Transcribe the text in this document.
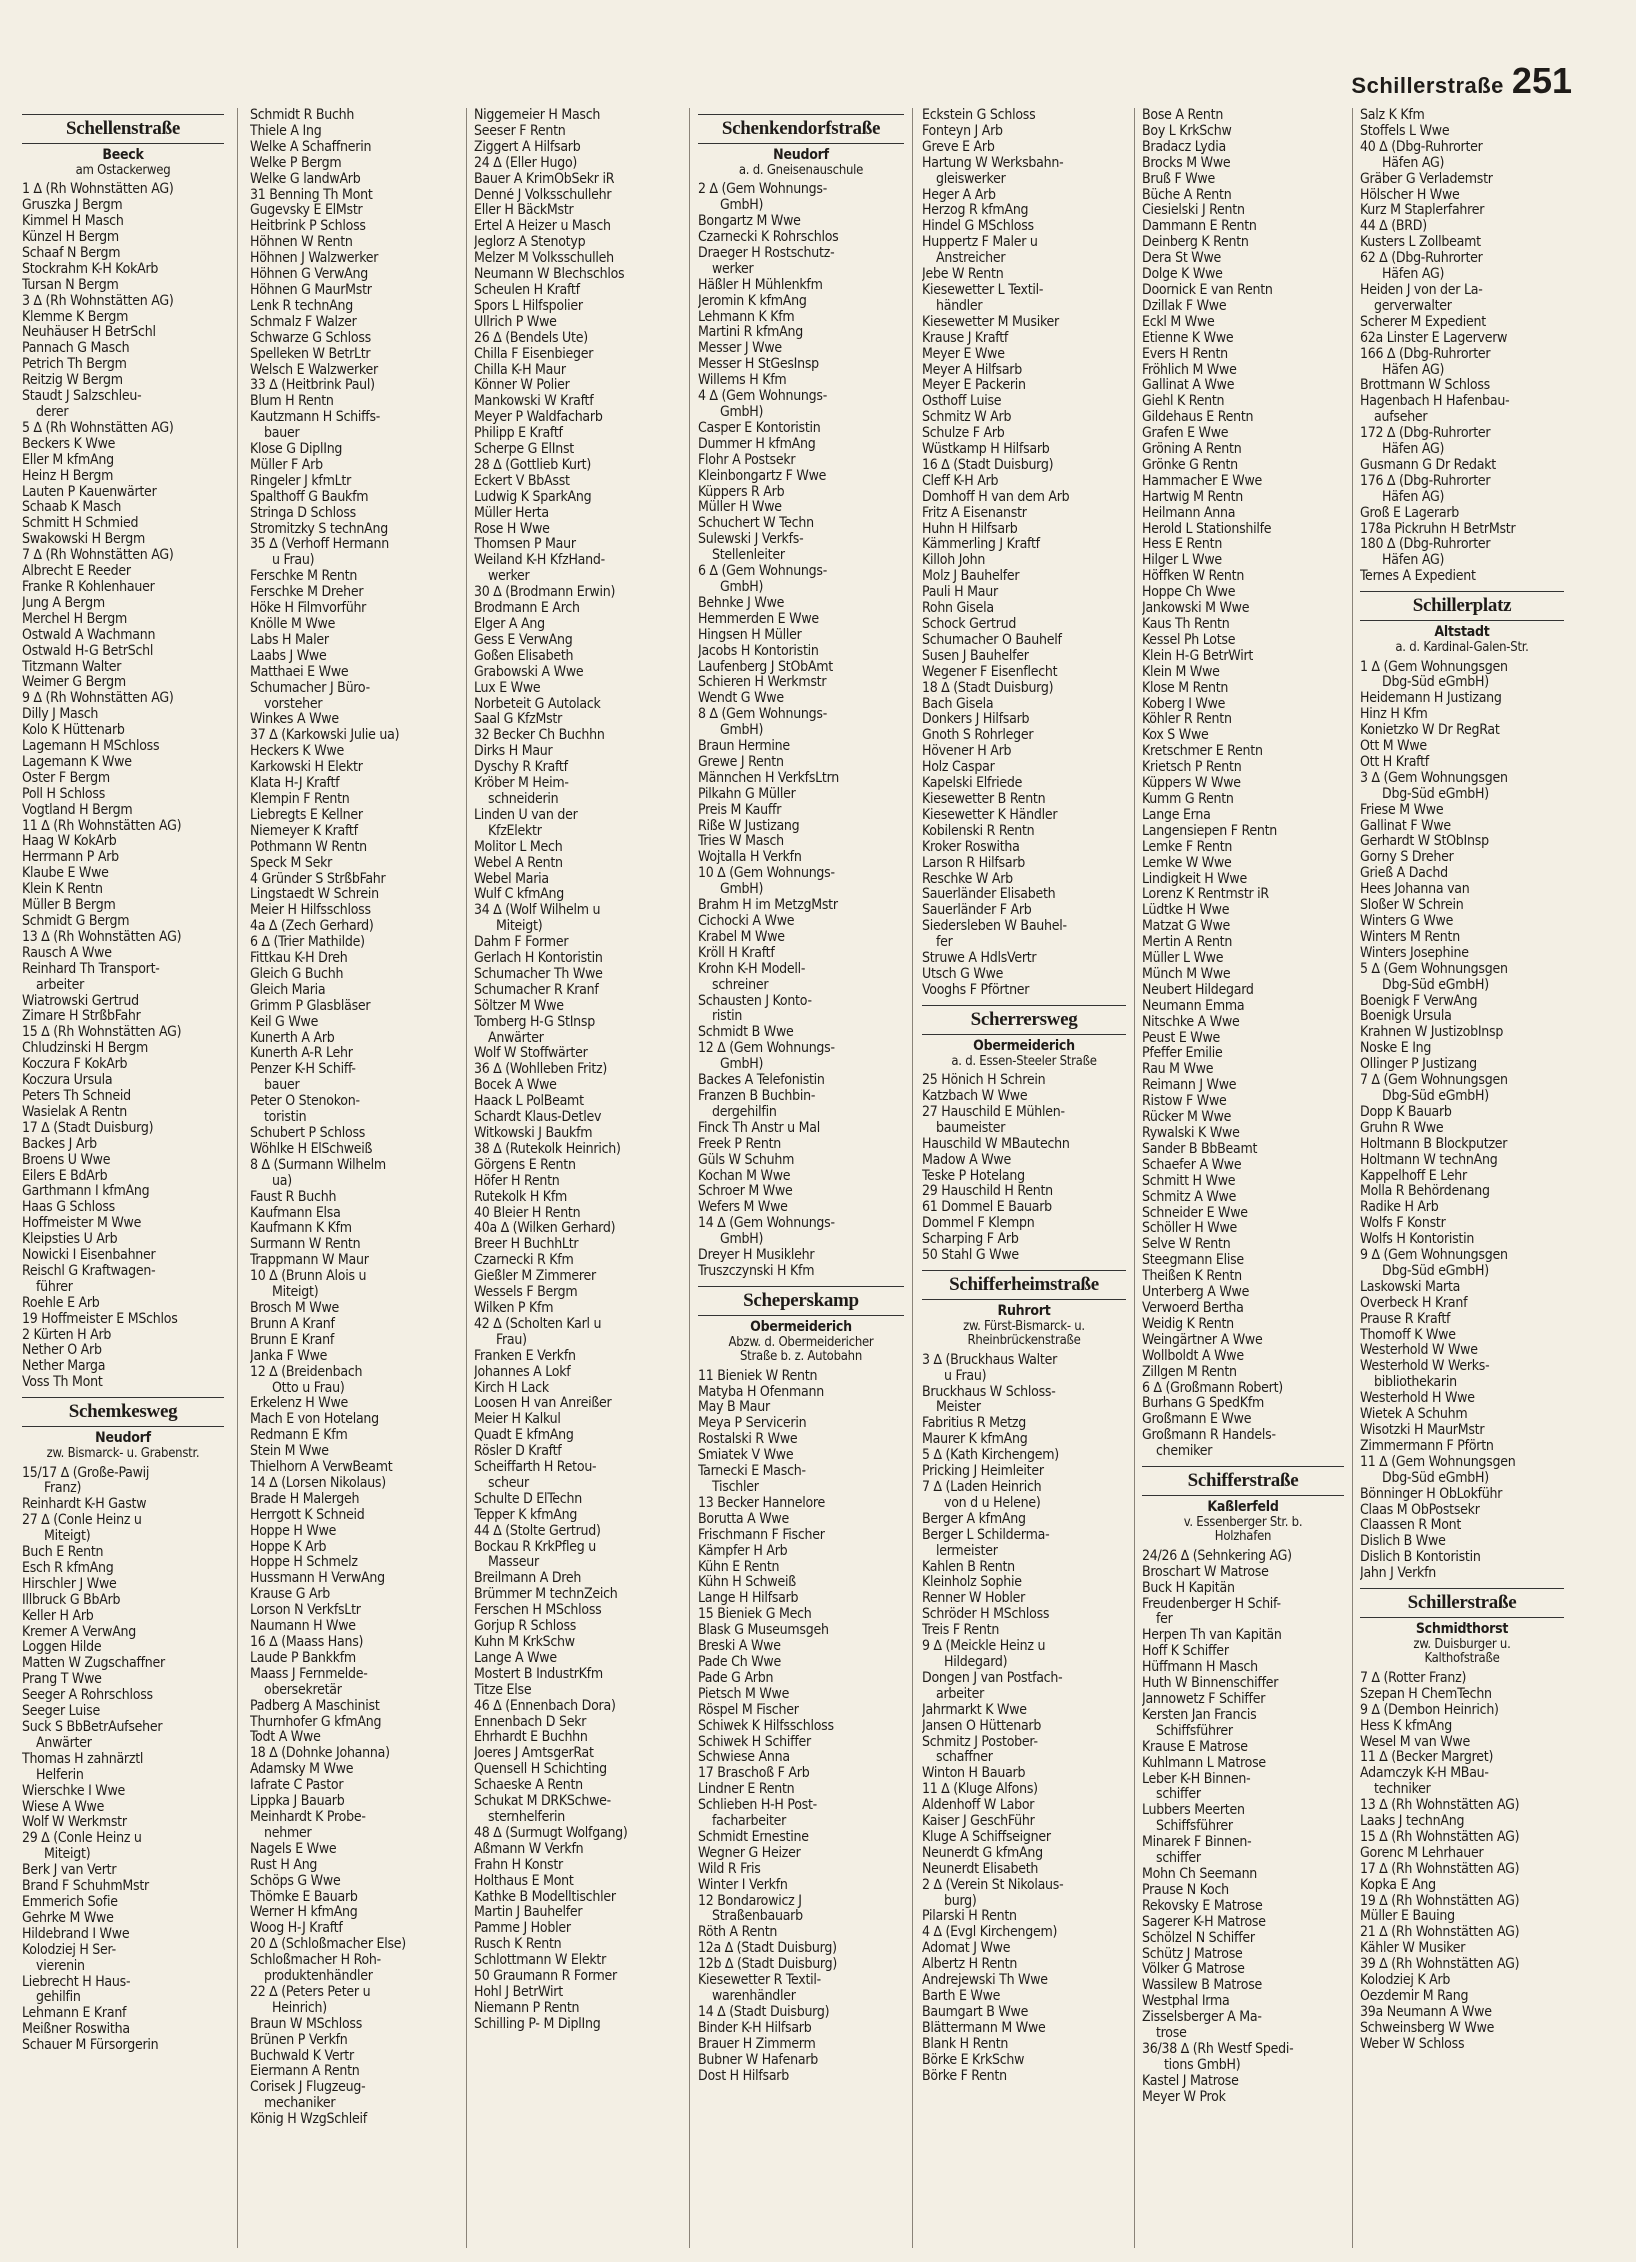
Schillerstraße 251
Schellenstraße
Beeck
am Ostackerweg
1 ∆ (Rh Wohnstätten AG)
Gruszka J Bergm
Kimmel H Masch
Künzel H Bergm
Schaaf N Bergm
Stockrahm K-H KokArb
Tursan N Bergm
3 ∆ (Rh Wohnstätten AG)
Klemme K Bergm
Neuhäuser H BetrSchl
Pannach G Masch
Petrich Th Bergm
Reitzig W Bergm
Staudt J Salzschleu-
derer
5 ∆ (Rh Wohnstätten AG)
Beckers K Wwe
Eller M kfmAng
Heinz H Bergm
Lauten P Kauenwärter
Schaab K Masch
Schmitt H Schmied
Swakowski H Bergm
7 ∆ (Rh Wohnstätten AG)
Albrecht E Reeder
Franke R Kohlenhauer
Jung A Bergm
Merchel H Bergm
Ostwald A Wachmann
Ostwald H-G BetrSchl
Titzmann Walter
Weimer G Bergm
9 ∆ (Rh Wohnstätten AG)
Dilly J Masch
Kolo K Hüttenarb
Lagemann H MSchloss
Lagemann K Wwe
Oster F Bergm
Poll H Schloss
Vogtland H Bergm
11 ∆ (Rh Wohnstätten AG)
Haag W KokArb
Herrmann P Arb
Klaube E Wwe
Klein K Rentn
Müller B Bergm
Schmidt G Bergm
13 ∆ (Rh Wohnstätten AG)
Rausch A Wwe
Reinhard Th Transport-
arbeiter
Wiatrowski Gertrud
Zimare H StrßbFahr
15 ∆ (Rh Wohnstätten AG)
Chludzinski H Bergm
Koczura F KokArb
Koczura Ursula
Peters Th Schneid
Wasielak A Rentn
17 ∆ (Stadt Duisburg)
Backes J Arb
Broens U Wwe
Eilers E BdArb
Garthmann I kfmAng
Haas G Schloss
Hoffmeister M Wwe
Kleipsties U Arb
Nowicki I Eisenbahner
Reischl G Kraftwagen-
führer
Roehle E Arb
19 Hoffmeister E MSchlos
2 Kürten H Arb
Nether O Arb
Nether Marga
Voss Th Mont
Schemkesweg
Neudorf
zw. Bismarck- u. Grabenstr.
15/17 ∆ (Große-Pawij
Franz)
Reinhardt K-H Gastw
27 ∆ (Conle Heinz u
Miteigt)
Buch E Rentn
Esch R kfmAng
Hirschler J Wwe
Illbruck G BbArb
Keller H Arb
Kremer A VerwAng
Loggen Hilde
Matten W Zugschaffner
Prang T Wwe
Seeger A Rohrschloss
Seeger Luise
Suck S BbBetrAufseher
Anwärter
Thomas H zahnärztl
Helferin
Wierschke I Wwe
Wiese A Wwe
Wolf W Werkmstr
29 ∆ (Conle Heinz u
Miteigt)
Berk J van Vertr
Brand F SchuhmMstr
Emmerich Sofie
Gehrke M Wwe
Hildebrand I Wwe
Kolodziej H Ser-
vierenin
Liebrecht H Haus-
gehilfin
Lehmann E Kranf
Meißner Roswitha
Schauer M Fürsorgerin
Schmidt R Buchh
Thiele A Ing
Welke A Schaffnerin
Welke P Bergm
Welke G landwArb
31 Benning Th Mont
Gugevsky E ElMstr
Heitbrink P Schloss
Höhnen W Rentn
Höhnen J Walzwerker
Höhnen G VerwAng
Höhnen G MaurMstr
Lenk R technAng
Schmalz F Walzer
Schwarze G Schloss
Spelleken W BetrLtr
Welsch E Walzwerker
33 ∆ (Heitbrink Paul)
Blum H Rentn
Kautzmann H Schiffs-
bauer
Klose G DiplIng
Müller F Arb
Ringeler J kfmLtr
Spalthoff G Baukfm
Stringa D Schloss
Stromitzky S technAng
35 ∆ (Verhoff Hermann
u Frau)
Ferschke M Rentn
Ferschke M Dreher
Höke H Filmvorführ
Knölle M Wwe
Labs H Maler
Laabs J Wwe
Matthaei E Wwe
Schumacher J Büro-
vorsteher
Winkes A Wwe
37 ∆ (Karkowski Julie ua)
Heckers K Wwe
Karkowski H Elektr
Klata H-J Kraftf
Klempin F Rentn
Liebregts E Kellner
Niemeyer K Kraftf
Pothmann W Rentn
Speck M Sekr
4 Gründer S StrßbFahr
Lingstaedt W Schrein
Meier H Hilfsschloss
4a ∆ (Zech Gerhard)
6 ∆ (Trier Mathilde)
Fittkau K-H Dreh
Gleich G Buchh
Gleich Maria
Grimm P Glasbläser
Keil G Wwe
Kunerth A Arb
Kunerth A-R Lehr
Penzer K-H Schiff-
bauer
Peter O Stenokon-
toristin
Schubert P Schloss
Wöhlke H ElSchweiß
8 ∆ (Surmann Wilhelm
ua)
Faust R Buchh
Kaufmann Elsa
Kaufmann K Kfm
Surmann W Rentn
Trappmann W Maur
10 ∆ (Brunn Alois u
Miteigt)
Brosch M Wwe
Brunn A Kranf
Brunn E Kranf
Janka F Wwe
12 ∆ (Breidenbach
Otto u Frau)
Erkelenz H Wwe
Mach E von Hotelang
Redmann E Kfm
Stein M Wwe
Thielhorn A VerwBeamt
14 ∆ (Lorsen Nikolaus)
Brade H Malergeh
Herrgott K Schneid
Hoppe H Wwe
Hoppe K Arb
Hoppe H Schmelz
Hussmann H VerwAng
Krause G Arb
Lorson N VerkfsLtr
Naumann H Wwe
16 ∆ (Maass Hans)
Laude P Bankkfm
Maass J Fernmelde-
obersekretär
Padberg A Maschinist
Thurnhofer G kfmAng
Todt A Wwe
18 ∆ (Dohnke Johanna)
Adamsky M Wwe
Iafrate C Pastor
Lippka J Bauarb
Meinhardt K Probe-
nehmer
Nagels E Wwe
Rust H Ang
Schöps G Wwe
Thömke E Bauarb
Werner H kfmAng
Woog H-J Kraftf
20 ∆ (Schloßmacher Else)
Schloßmacher H Roh-
produktenhändler
22 ∆ (Peters Peter u
Heinrich)
Braun W MSchloss
Brünen P Verkfn
Buchwald K Vertr
Eiermann A Rentn
Corisek J Flugzeug-
mechaniker
König H WzgSchleif
Niggemeier H Masch
Seeser F Rentn
Ziggert A Hilfsarb
24 ∆ (Eller Hugo)
Bauer A KrimObSekr iR
Denné J Volksschullehr
Eller H BäckMstr
Ertel A Heizer u Masch
Jeglorz A Stenotyp
Melzer M Volksschulleh
Neumann W Blechschlos
Scheulen H Kraftf
Spors L Hilfspolier
Ullrich P Wwe
26 ∆ (Bendels Ute)
Chilla F Eisenbieger
Chilla K-H Maur
Könner W Polier
Mankowski W Kraftf
Meyer P Waldfacharb
Philipp E Kraftf
Scherpe G ElInst
28 ∆ (Gottlieb Kurt)
Eckert V BbAsst
Ludwig K SparkAng
Müller Herta
Rose H Wwe
Thomsen P Maur
Weiland K-H KfzHand-
werker
30 ∆ (Brodmann Erwin)
Brodmann E Arch
Elger A Ang
Gess E VerwAng
Goßen Elisabeth
Grabowski A Wwe
Lux E Wwe
Norbeteit G Autolack
Saal G KfzMstr
32 Becker Ch Buchhn
Dirks H Maur
Dyschy R Kraftf
Kröber M Heim-
schneiderin
Linden U van der
KfzElektr
Molitor L Mech
Webel A Rentn
Webel Maria
Wulf C kfmAng
34 ∆ (Wolf Wilhelm u
Miteigt)
Dahm F Former
Gerlach H Kontoristin
Schumacher Th Wwe
Schumacher R Kranf
Söltzer M Wwe
Tomberg H-G StInsp
Anwärter
Wolf W Stoffwärter
36 ∆ (Wohlleben Fritz)
Bocek A Wwe
Haack L PolBeamt
Schardt Klaus-Detlev
Witkowski J Baukfm
38 ∆ (Rutekolk Heinrich)
Görgens E Rentn
Höfer H Rentn
Rutekolk H Kfm
40 Bleier H Rentn
40a ∆ (Wilken Gerhard)
Breer H BuchhLtr
Czarnecki R Kfm
Gießler M Zimmerer
Wessels F Bergm
Wilken P Kfm
42 ∆ (Scholten Karl u
Frau)
Franken E Verkfn
Johannes A Lokf
Kirch H Lack
Loosen H van Anreißer
Meier H Kalkul
Quadt E kfmAng
Rösler D Kraftf
Scheiffarth H Retou-
scheur
Schulte D ElTechn
Tepper K kfmAng
44 ∆ (Stolte Gertrud)
Bockau R KrkPfleg u
Masseur
Breilmann A Dreh
Brümmer M technZeich
Ferschen H MSchloss
Gorjup R Schloss
Kuhn M KrkSchw
Lange A Wwe
Mostert B IndustrKfm
Titze Else
46 ∆ (Ennenbach Dora)
Ennenbach D Sekr
Ehrhardt E Buchhn
Joeres J AmtsgerRat
Quensell H Schichting
Schaeske A Rentn
Schukat M DRKSchwe-
sternhelferin
48 ∆ (Surmugt Wolfgang)
Aßmann W Verkfn
Frahn H Konstr
Holthaus E Mont
Kathke B Modelltischler
Martin J Bauhelfer
Pamme J Hobler
Rusch K Rentn
Schlottmann W Elektr
50 Graumann R Former
Hohl J BetrWirt
Niemann P Rentn
Schilling P- M DiplIng
Schenkendorfstraße
Neudorf
a. d. Gneisenauschule
2 ∆ (Gem Wohnungs-
GmbH)
Bongartz M Wwe
Czarnecki K Rohrschlos
Draeger H Rostschutz-
werker
Häßler H Mühlenkfm
Jeromin K kfmAng
Lehmann K Kfm
Martini R kfmAng
Messer J Wwe
Messer H StGesInsp
Willems H Kfm
4 ∆ (Gem Wohnungs-
GmbH)
Casper E Kontoristin
Dummer H kfmAng
Flohr A Postsekr
Kleinbongartz F Wwe
Küppers R Arb
Müller H Wwe
Schuchert W Techn
Sulewski J Verkfs-
Stellenleiter
6 ∆ (Gem Wohnungs-
GmbH)
Behnke J Wwe
Hemmerden E Wwe
Hingsen H Müller
Jacobs H Kontoristin
Laufenberg J StObAmt
Schieren H Werkmstr
Wendt G Wwe
8 ∆ (Gem Wohnungs-
GmbH)
Braun Hermine
Grewe J Rentn
Männchen H VerkfsLtrn
Pilkahn G Müller
Preis M Kauffr
Riße W Justizang
Tries W Masch
Wojtalla H Verkfn
10 ∆ (Gem Wohnungs-
GmbH)
Brahm H im MetzgMstr
Cichocki A Wwe
Krabel M Wwe
Kröll H Kraftf
Krohn K-H Modell-
schreiner
Schausten J Konto-
ristin
Schmidt B Wwe
12 ∆ (Gem Wohnungs-
GmbH)
Backes A Telefonistin
Franzen B Buchbin-
dergehilfin
Finck Th Anstr u Mal
Freek P Rentn
Güls W Schuhm
Kochan M Wwe
Schroer M Wwe
Wefers M Wwe
14 ∆ (Gem Wohnungs-
GmbH)
Dreyer H Musiklehr
Truszczynski H Kfm
Scheperskamp
Obermeiderich
Abzw. d. Obermeidericher
Straße b. z. Autobahn
11 Bieniek W Rentn
Matyba H Ofenmann
May B Maur
Meya P Servicerin
Rostalski R Wwe
Smiatek V Wwe
Tarnecki E Masch-
Tischler
13 Becker Hannelore
Borutta A Wwe
Frischmann F Fischer
Kämpfer H Arb
Kühn E Rentn
Kühn H Schweiß
Lange H Hilfsarb
15 Bieniek G Mech
Blask G Museumsgeh
Breski A Wwe
Pade Ch Wwe
Pade G Arbn
Pietsch M Wwe
Röspel M Fischer
Schiwek K Hilfsschloss
Schiwek H Schiffer
Schwiese Anna
17 Braschoß F Arb
Lindner E Rentn
Schlieben H-H Post-
facharbeiter
Schmidt Ernestine
Wegner G Heizer
Wild R Fris
Winter I Verkfn
12 Bondarowicz J
Straßenbauarb
Röth A Rentn
12a ∆ (Stadt Duisburg)
12b ∆ (Stadt Duisburg)
Kiesewetter R Textil-
warenhändler
14 ∆ (Stadt Duisburg)
Binder K-H Hilfsarb
Brauer H Zimmerm
Bubner W Hafenarb
Dost H Hilfsarb
Eckstein G Schloss
Fonteyn J Arb
Greve E Arb
Hartung W Werksbahn-
gleiswerker
Heger A Arb
Herzog R kfmAng
Hindel G MSchloss
Huppertz F Maler u
Anstreicher
Jebe W Rentn
Kiesewetter L Textil-
händler
Kiesewetter M Musiker
Krause J Kraftf
Meyer E Wwe
Meyer A Hilfsarb
Meyer E Packerin
Osthoff Luise
Schmitz W Arb
Schulze F Arb
Wüstkamp H Hilfsarb
16 ∆ (Stadt Duisburg)
Cleff K-H Arb
Domhoff H van dem Arb
Fritz A Eisenanstr
Huhn H Hilfsarb
Kämmerling J Kraftf
Killoh John
Molz J Bauhelfer
Pauli H Maur
Rohn Gisela
Schock Gertrud
Schumacher O Bauhelf
Susen J Bauhelfer
Wegener F Eisenflecht
18 ∆ (Stadt Duisburg)
Bach Gisela
Donkers J Hilfsarb
Gnoth S Rohrleger
Hövener H Arb
Holz Caspar
Kapelski Elfriede
Kiesewetter B Rentn
Kiesewetter K Händler
Kobilenski R Rentn
Kroker Roswitha
Larson R Hilfsarb
Reschke W Arb
Sauerländer Elisabeth
Sauerländer F Arb
Siedersleben W Bauhel-
fer
Struwe A HdlsVertr
Utsch G Wwe
Vooghs F Pförtner
Scherrersweg
Obermeiderich
a. d. Essen-Steeler Straße
25 Hönich H Schrein
Katzbach W Wwe
27 Hauschild E Mühlen-
baumeister
Hauschild W MBautechn
Madow A Wwe
Teske P Hotelang
29 Hauschild H Rentn
61 Dommel E Bauarb
Dommel F Klempn
Scharping F Arb
50 Stahl G Wwe
Schifferheimstraße
Ruhrort
zw. Fürst-Bismarck- u.
Rheinbrückenstraße
3 ∆ (Bruckhaus Walter
u Frau)
Bruckhaus W Schloss-
Meister
Fabritius R Metzg
Maurer K kfmAng
5 ∆ (Kath Kirchengem)
Pricking J Heimleiter
7 ∆ (Laden Heinrich
von d u Helene)
Berger A kfmAng
Berger L Schildermа-
lermeister
Kahlen B Rentn
Kleinholz Sophie
Renner W Hobler
Schröder H MSchloss
Treis F Rentn
9 ∆ (Meickle Heinz u
Hildegard)
Dongen J van Postfach-
arbeiter
Jahrmarkt K Wwe
Jansen O Hüttenarb
Schmitz J Postober-
schaffner
Winton H Bauarb
11 ∆ (Kluge Alfons)
Aldenhoff W Labor
Kaiser J GeschFühr
Kluge A Schiffseigner
Neunerdt G kfmAng
Neunerdt Elisabeth
2 ∆ (Verein St Nikolaus-
burg)
Pilarski H Rentn
4 ∆ (Evgl Kirchengem)
Adomat J Wwe
Albertz H Rentn
Andrejewski Th Wwe
Barth E Wwe
Baumgart B Wwe
Blättermann M Wwe
Blank H Rentn
Börke E KrkSchw
Börke F Rentn
Bose A Rentn
Boy L KrkSchw
Bradacz Lydia
Brocks M Wwe
Bruß F Wwe
Büche A Rentn
Ciesielski J Rentn
Dammann E Rentn
Deinberg K Rentn
Dera St Wwe
Dolge K Wwe
Doornick E van Rentn
Dzillak F Wwe
Eckl M Wwe
Etienne K Wwe
Evers H Rentn
Fröhlich M Wwe
Gallinat A Wwe
Giehl K Rentn
Gildehaus E Rentn
Grafen E Wwe
Gröning A Rentn
Grönke G Rentn
Hammacher E Wwe
Hartwig M Rentn
Heilmann Anna
Herold L Stationshilfe
Hess E Rentn
Hilger L Wwe
Höffken W Rentn
Hoppe Ch Wwe
Jankowski M Wwe
Kaus Th Rentn
Kessel Ph Lotse
Klein H-G BetrWirt
Klein M Wwe
Klose M Rentn
Koberg I Wwe
Köhler R Rentn
Kox S Wwe
Kretschmer E Rentn
Krietsch P Rentn
Küppers W Wwe
Kumm G Rentn
Lange Erna
Langensiepen F Rentn
Lemke F Rentn
Lemke W Wwe
Lindigkeit H Wwe
Lorenz K Rentmstr iR
Lüdtke H Wwe
Matzat G Wwe
Mertin A Rentn
Müller L Wwe
Münch M Wwe
Neubert Hildegard
Neumann Emma
Nitschke A Wwe
Peust E Wwe
Pfeffer Emilie
Rau M Wwe
Reimann J Wwe
Ristow F Wwe
Rücker M Wwe
Rywalski K Wwe
Sander B BbBeamt
Schaefer A Wwe
Schmitt H Wwe
Schmitz A Wwe
Schneider E Wwe
Schöller H Wwe
Selve W Rentn
Steegmann Elise
Theißen K Rentn
Unterberg A Wwe
Verwoerd Bertha
Weidig K Rentn
Weingärtner A Wwe
Wollboldt A Wwe
Zillgen M Rentn
6 ∆ (Großmann Robert)
Burhans G SpedKfm
Großmann E Wwe
Großmann R Handels-
chemiker
Schifferstraße
Kaßlerfeld
v. Essenberger Str. b.
Holzhafen
24/26 ∆ (Sehnkering AG)
Broschart W Matrose
Buck H Kapitän
Freudenberger H Schif-
fer
Herpen Th van Kapitän
Hoff K Schiffer
Hüffmann H Masch
Huth W Binnenschiffer
Jannowetz F Schiffer
Kersten Jan Francis
Schiffsführer
Krause E Matrose
Kuhlmann L Matrose
Leber K-H Binnen-
schiffer
Lubbers Meerten
Schiffsführer
Minarek F Binnen-
schiffer
Mohn Ch Seemann
Prause N Koch
Rekovsky E Matrose
Sagerer K-H Matrose
Schölzel N Schiffer
Schütz J Matrose
Völker G Matrose
Wassilew B Matrose
Westphal Irma
Zisselsberger A Ma-
trose
36/38 ∆ (Rh Westf Spedi-
tions GmbH)
Kastel J Matrose
Meyer W Prok
Salz K Kfm
Stoffels L Wwe
40 ∆ (Dbg-Ruhrorter
Häfen AG)
Gräber G Verlademstr
Hölscher H Wwe
Kurz M Staplerfahrer
44 ∆ (BRD)
Kusters L Zollbeamt
62 ∆ (Dbg-Ruhrorter
Häfen AG)
Heiden J von der La-
gerverwalter
Scherer M Expedient
62a Linster E Lagerverw
166 ∆ (Dbg-Ruhrorter
Häfen AG)
Brottmann W Schloss
Hagenbach H Hafenbau-
aufseher
172 ∆ (Dbg-Ruhrorter
Häfen AG)
Gusmann G Dr Redakt
176 ∆ (Dbg-Ruhrorter
Häfen AG)
Groß E Lagerarb
178a Pickruhn H BetrMstr
180 ∆ (Dbg-Ruhrorter
Häfen AG)
Ternes A Expedient
Schillerplatz
Altstadt
a. d. Kardinal-Galen-Str.
1 ∆ (Gem Wohnungsgen
Dbg-Süd eGmbH)
Heidemann H Justizang
Hinz H Kfm
Konietzko W Dr RegRat
Ott M Wwe
Ott H Kraftf
3 ∆ (Gem Wohnungsgen
Dbg-Süd eGmbH)
Friese M Wwe
Gallinat F Wwe
Gerhardt W StObInsp
Gorny S Dreher
Grieß A Dachd
Hees Johanna van
Sloßer W Schrein
Winters G Wwe
Winters M Rentn
Winters Josephine
5 ∆ (Gem Wohnungsgen
Dbg-Süd eGmbH)
Boenigk F VerwAng
Boenigk Ursula
Krahnen W JustizobInsp
Noske E Ing
Ollinger P Justizang
7 ∆ (Gem Wohnungsgen
Dbg-Süd eGmbH)
Dopp K Bauarb
Gruhn R Wwe
Holtmann B Blockputzer
Holtmann W technAng
Kappelhoff E Lehr
Molla R Behördenang
Radike H Arb
Wolfs F Konstr
Wolfs H Kontoristin
9 ∆ (Gem Wohnungsgen
Dbg-Süd eGmbH)
Laskowski Marta
Overbeck H Kranf
Prause R Kraftf
Thomoff K Wwe
Westerhold W Wwe
Westerhold W Werks-
bibliothekarin
Westerhold H Wwe
Wietek A Schuhm
Wisotzki H MaurMstr
Zimmermann F Pförtn
11 ∆ (Gem Wohnungsgen
Dbg-Süd eGmbH)
Bönninger H ObLokführ
Claas M ObPostsekr
Claassen R Mont
Dislich B Wwe
Dislich B Kontoristin
Jahn J Verkfn
Schillerstraße
Schmidthorst
zw. Duisburger u.
Kalthofstraße
7 ∆ (Rotter Franz)
Szepan H ChemTechn
9 ∆ (Dembon Heinrich)
Hess K kfmAng
Wesel M van Wwe
11 ∆ (Becker Margret)
Adamczyk K-H MBau-
techniker
13 ∆ (Rh Wohnstätten AG)
Laaks J technAng
15 ∆ (Rh Wohnstätten AG)
Gorenc M Lehrhauer
17 ∆ (Rh Wohnstätten AG)
Kopka E Ang
19 ∆ (Rh Wohnstätten AG)
Müller E Bauing
21 ∆ (Rh Wohnstätten AG)
Kähler W Musiker
39 ∆ (Rh Wohnstätten AG)
Kolodziej K Arb
Oezdemir M Rang
39a Neumann A Wwe
Schweinsberg W Wwe
Weber W Schloss
